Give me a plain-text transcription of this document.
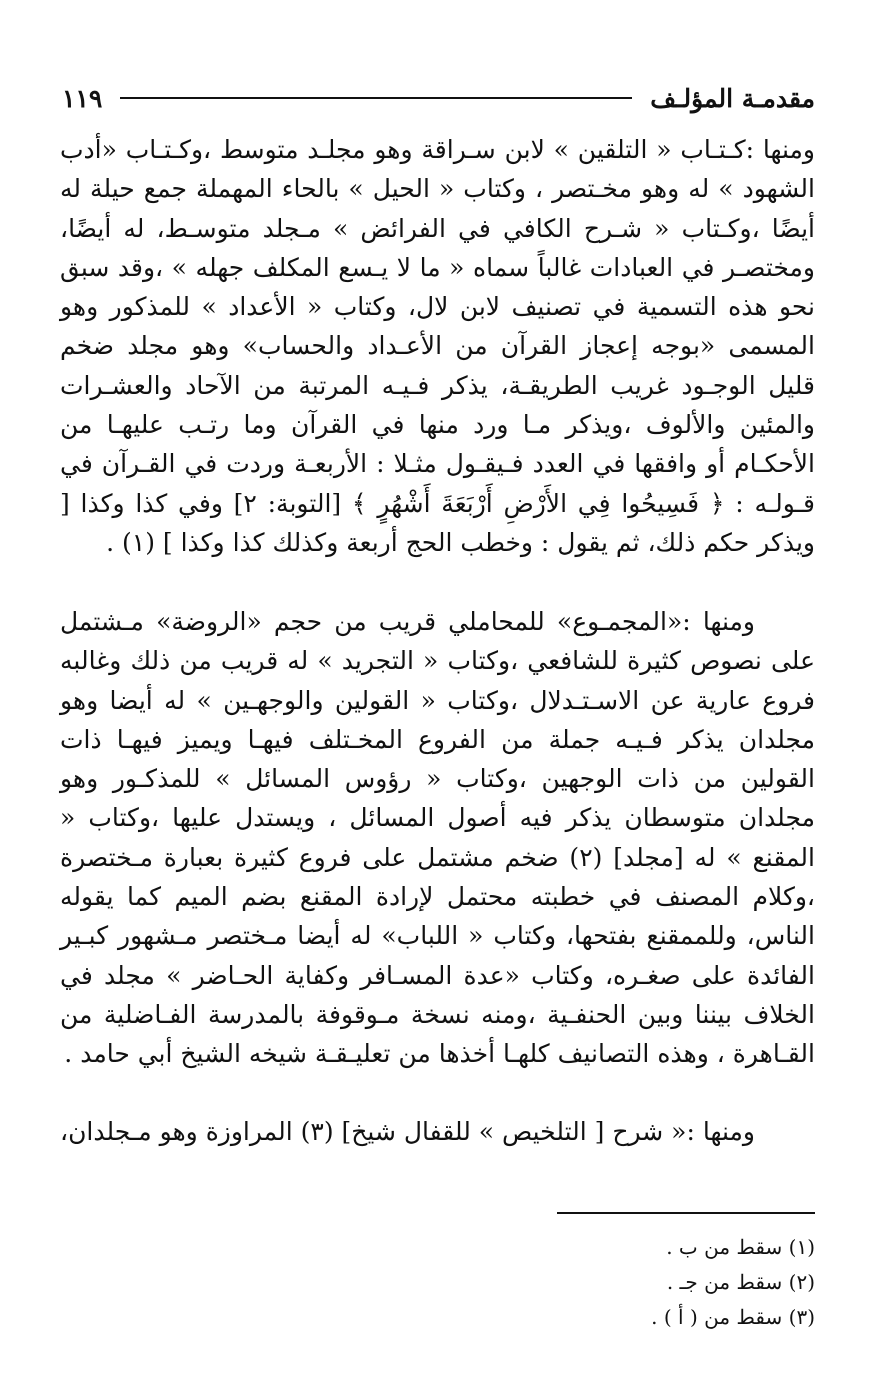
مقدمـة المؤلـف
١١٩

ومنها :كـتـاب « التلقين » لابن سـراقة وهو مجلـد متوسط ،وكـتـاب «أدب الشهود » له وهو مخـتصر ، وكتاب « الحيل » بالحاء المهملة جمع حيلة له أيضًا ،وكـتاب « شـرح الكافي في الفرائض » مـجلد متوسـط، له أيضًا، ومختصـر في العبادات غالباً سماه « ما لا يـسع المكلف جهله » ،وقد سبق نحو هذه التسمية في تصنيف لابن لال، وكتاب « الأعداد » للمذكور وهو المسمى «بوجه إعجاز القرآن من الأعـداد والحساب» وهو مجلد ضخم قليل الوجـود غريب الطريقـة، يذكر فـيـه المرتبة من الآحاد والعشـرات والمئين والألوف ،ويذكر مـا ورد منها في القرآن وما رتـب عليهـا من الأحكـام أو وافقها في العدد فـيقـول مثـلا : الأربعـة وردت في القـرآن في قـولـه : ﴿ فَسِيحُوا فِي الأَرْضِ أَرْبَعَةَ أَشْهُرٍ ﴾ [التوبة: ٢] وفي كذا وكذا [ ويذكر حكم ذلك، ثم يقول : وخطب الحج أربعة وكذلك كذا وكذا ] (١) .

ومنها :«المجمـوع» للمحاملي قريب من حجم «الروضة» مـشتمل على نصوص كثيرة للشافعي ،وكتاب « التجريد » له قريب من ذلك وغالبه فروع عارية عن الاسـتـدلال ،وكتاب « القولين والوجهـين » له أيضا وهو مجلدان يذكر فـيـه جملة من الفروع المخـتلف فيهـا ويميز فيهـا ذات القولين من ذات الوجهين ،وكتاب « رؤوس المسائل » للمذكـور وهو مجلدان متوسطان يذكر فيه أصول المسائل ، ويستدل عليها ،وكتاب « المقنع » له [مجلد] (٢) ضخم مشتمل على فروع كثيرة بعبارة مـختصرة ،وكلام المصنف في خطبته محتمل لإرادة المقنع بضم الميم كما يقوله الناس، وللممقنع بفتحها، وكتاب « اللباب» له أيضا مـختصر مـشهور كبـير الفائدة على صغـره، وكتاب «عدة المسـافر وكفاية الحـاضر » مجلد في الخلاف بيننا وبين الحنفـية ،ومنه نسخة مـوقوفة بالمدرسة الفـاضلية من القـاهرة ، وهذه التصانيف كلهـا أخذها من تعليـقـة شيخه الشيخ أبي حامد .

ومنها :« شرح [ التلخيص » للقفال شيخ] (٣) المراوزة وهو مـجلدان،

(١) سقط من ب .
(٢) سقط من جـ .
(٣) سقط من ( أ ) .
